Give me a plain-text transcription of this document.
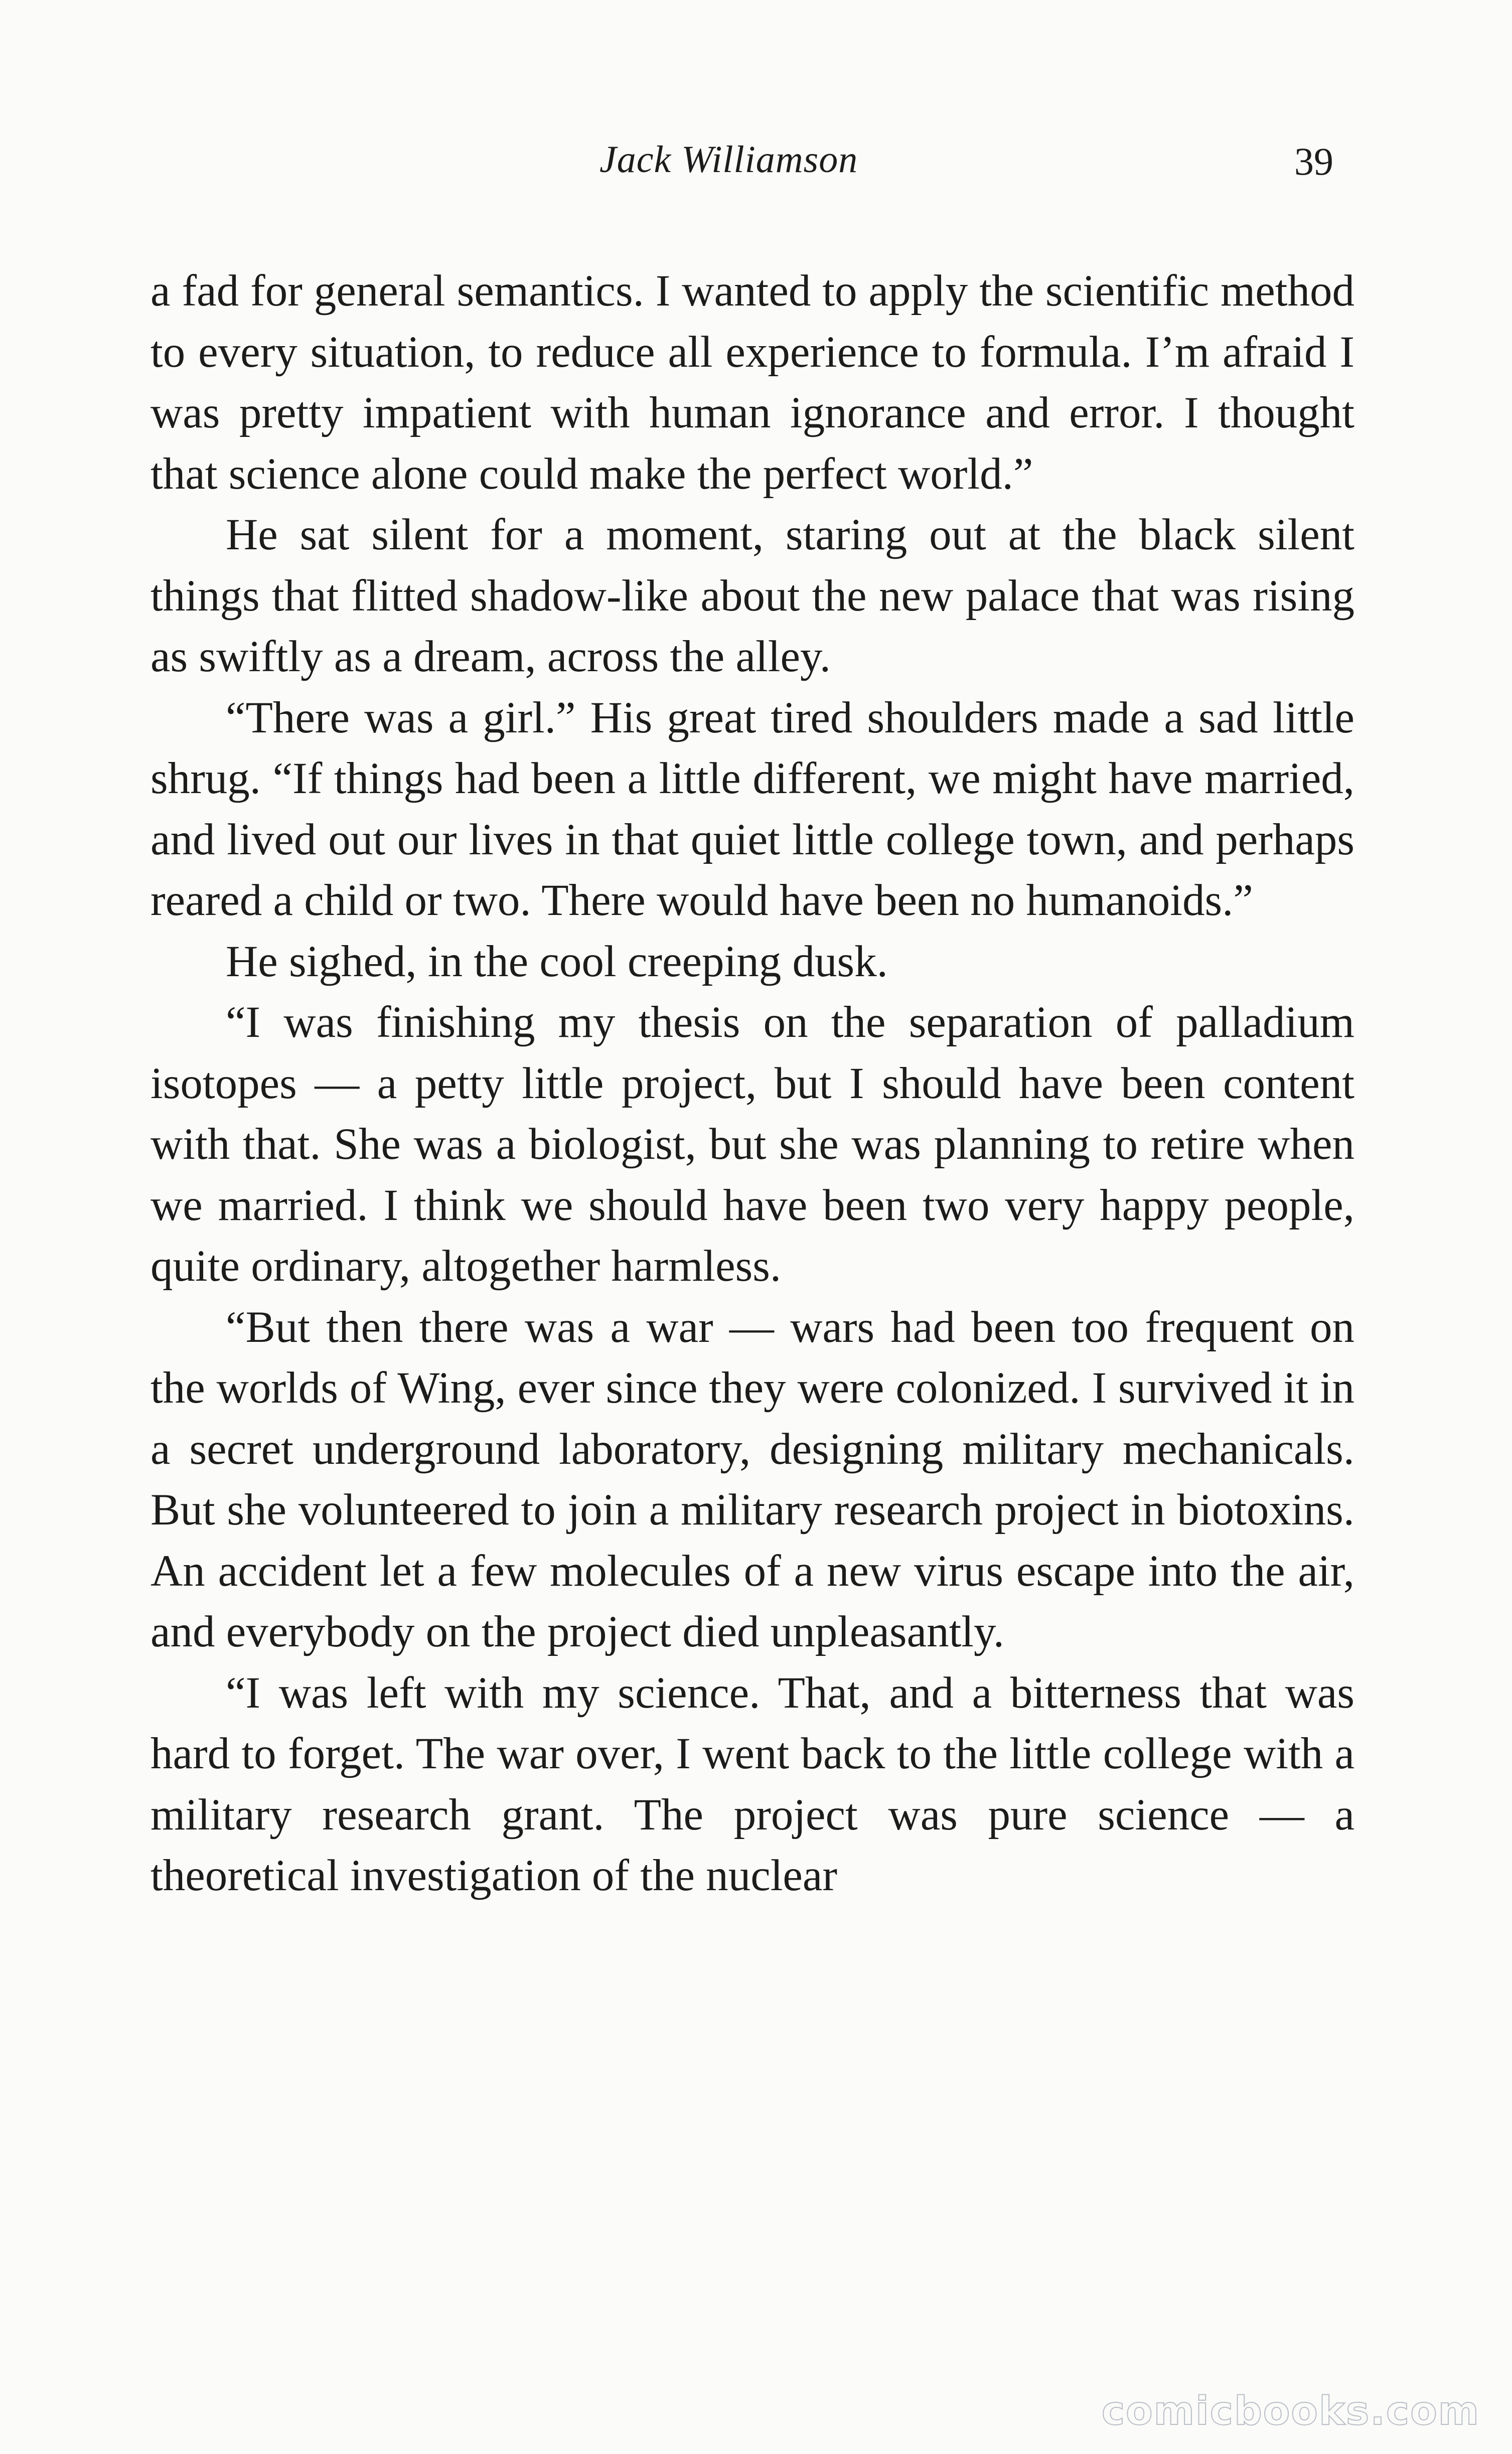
Jack Williamson	39

a fad for general semantics. I wanted to apply the scientific method to every situation, to reduce all experience to formula. I’m afraid I was pretty impatient with human ignorance and error. I thought that science alone could make the perfect world.”

He sat silent for a moment, staring out at the black silent things that flitted shadow-like about the new palace that was rising as swiftly as a dream, across the alley.

“There was a girl.” His great tired shoulders made a sad little shrug. “If things had been a little different, we might have married, and lived out our lives in that quiet little college town, and perhaps reared a child or two. There would have been no humanoids.”

He sighed, in the cool creeping dusk.

“I was finishing my thesis on the separation of palladium isotopes — a petty little project, but I should have been content with that. She was a biologist, but she was planning to retire when we married. I think we should have been two very happy people, quite ordinary, altogether harmless.

“But then there was a war — wars had been too frequent on the worlds of Wing, ever since they were colonized. I survived it in a secret underground laboratory, designing military mechanicals. But she volunteered to join a military research project in biotoxins. An accident let a few molecules of a new virus escape into the air, and everybody on the project died unpleasantly.

“I was left with my science. That, and a bitterness that was hard to forget. The war over, I went back to the little college with a military research grant. The project was pure science — a theoretical investigation of the nuclear

comicbooks.com
